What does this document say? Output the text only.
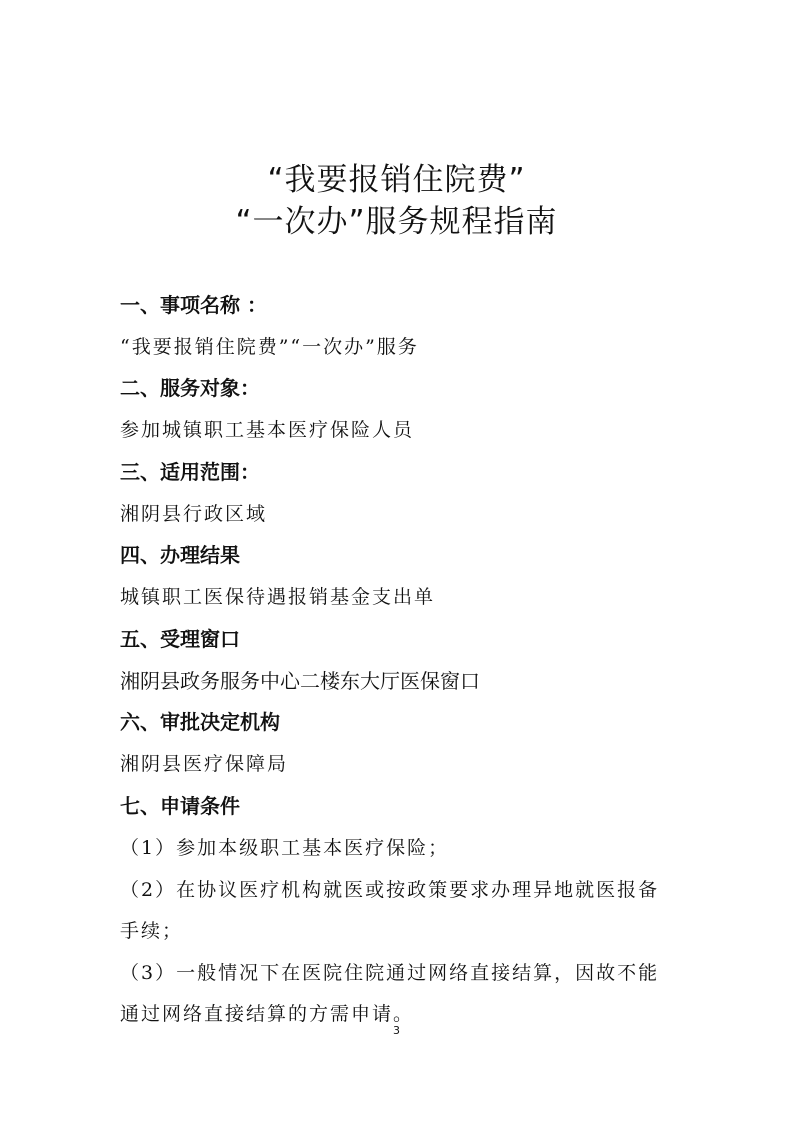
“我要报销住院费”
“一次办”服务规程指南
一、事项名称 ：

“我要报销住院费”“一次办”服务

二、服务对象：

参加城镇职工基本医疗保险人员

三、适用范围：

湘阴县行政区域

四、办理结果

城镇职工医保待遇报销基金支出单

五、受理窗口

湘阴县政务服务中心二楼东大厅医保窗口

六、审批决定机构

湘阴县医疗保障局

七、申请条件

（1）参加本级职工基本医疗保险；

（2）在协议医疗机构就医或按政策要求办理异地就医报备

手续；

（3）一般情况下在医院住院通过网络直接结算，因故不能

通过网络直接结算的方需申请。

3
